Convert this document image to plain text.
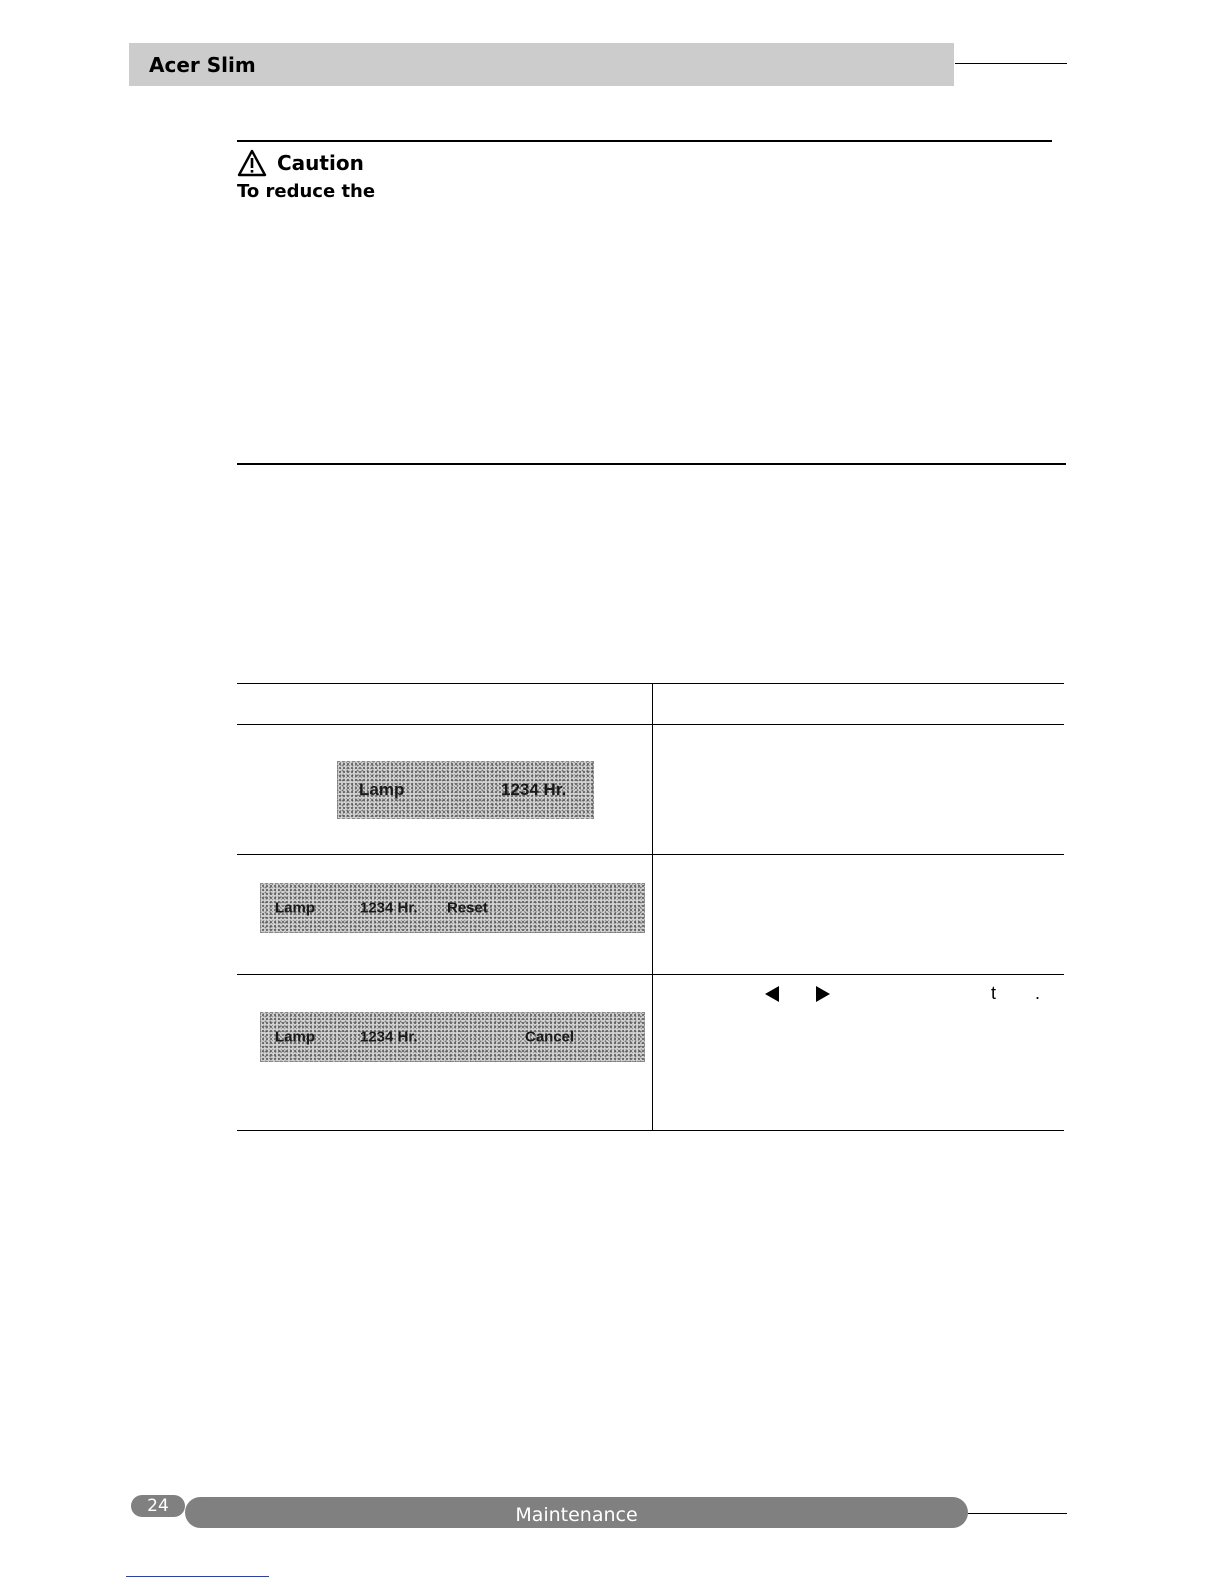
Acer Slim
Caution
To reduce the
Lamp	1234 Hr.
Lamp	1234 Hr. Reset
Lamp	1234 Hr.	Cancel
t .
24	Maintenance
